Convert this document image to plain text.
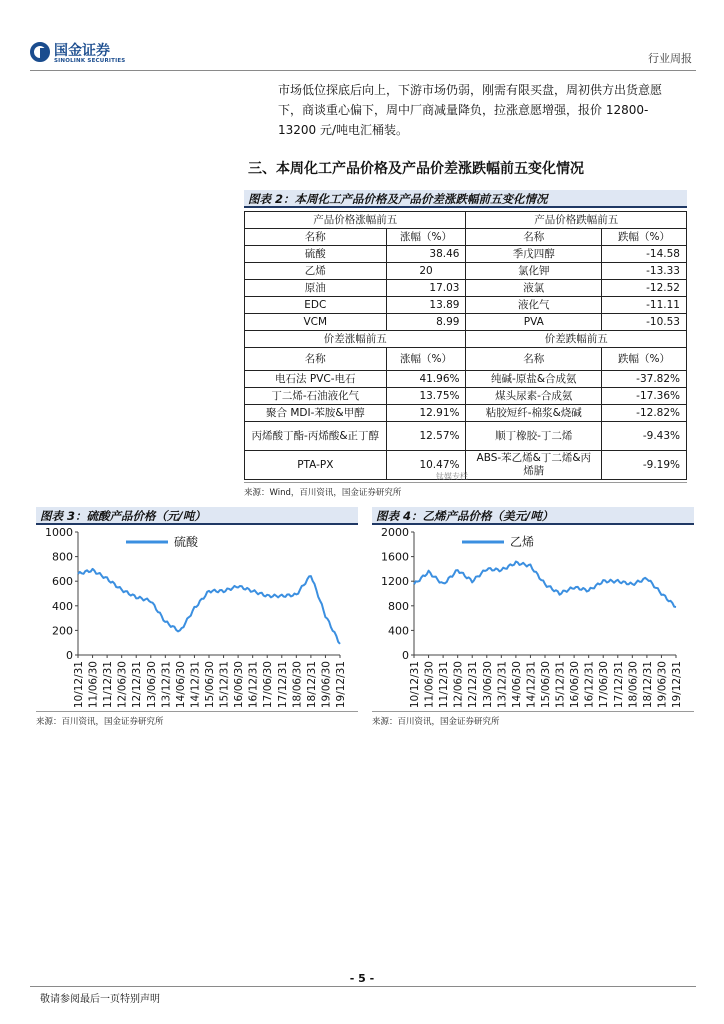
国金证券
SINOLINK SECURITIES	行业周报
市场低位探底后向上，下游市场仍弱，刚需有限买盘，周初供方出货意愿
下，商谈重心偏下，周中厂商减量降负，拉涨意愿增强，报价 12800-
13200 元/吨电汇桶装。
三、本周化工产品价格及产品价差涨跌幅前五变化情况
图表 2：本周化工产品价格及产品价差涨跌幅前五变化情况
产品价格涨幅前五		产品价格跌幅前五	
名称	涨幅（%）	名称	跌幅（%）
硫酸	38.46	季戊四醇	-14.58
乙烯	20	氯化钾	-13.33
原油	17.03	液氯	-12.52
EDC	13.89	液化气	-11.11
VCM	8.99	PVA	-10.53
价差涨幅前五		价差跌幅前五	
名称	涨幅（%）	名称	跌幅（%）
电石法 PVC-电石	41.96%	纯碱-原盐&合成氨	-37.82%
丁二烯-石油液化气	13.75%	煤头尿素-合成氨	-17.36%
聚合 MDI-苯胺&甲醇	12.91%	粘胶短纤-棉浆&烧碱	-12.82%
丙烯酸丁酯-丙烯酸&正丁醇	12.57%	顺丁橡胶-丁二烯	-9.43%
PTA-PX	10.47%	ABS-苯乙烯&丁二烯&丙烯腈	-9.19%
钛媒专栏
来源：Wind，百川资讯，国金证券研究所
图表 3：硫酸产品价格（元/吨）
0
200
400
600
800
1000
10/12/31 11/06/30 11/12/31 12/06/30 12/12/31 13/06/30 13/12/31 14/06/30 14/12/31 15/06/30 15/12/31 16/06/30 16/12/31 17/06/30 17/12/31 18/06/30 18/12/31 19/06/30 19/12/31
硫酸
来源：百川资讯，国金证券研究所
图表 4：乙烯产品价格（美元/吨）
0
400
800
1200
1600
2000
10/12/31 11/06/30 11/12/31 12/06/30 12/12/31 13/06/30 13/12/31 14/06/30 14/12/31 15/06/30 15/12/31 16/06/30 16/12/31 17/06/30 17/12/31 18/06/30 18/12/31 19/06/30 19/12/31
乙烯
来源：百川资讯，国金证券研究所
- 5 -
敬请参阅最后一页特别声明
